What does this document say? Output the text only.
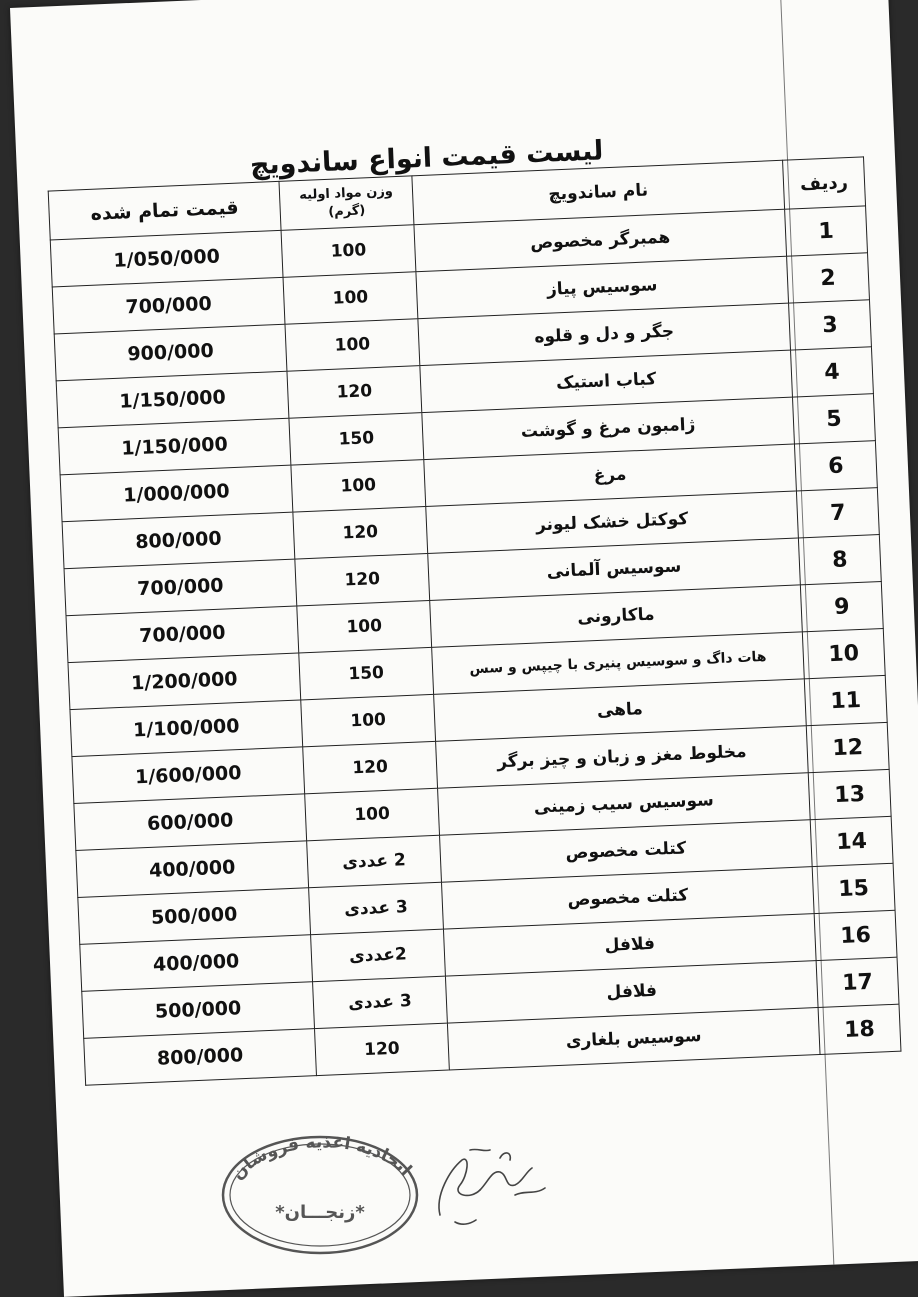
لیست قیمت انواع ساندویچ
ردیف	نام ساندویچ	وزن مواد اولیه (گرم)	قیمت تمام شده
1	همبرگر مخصوص	100	1/050/000
2	سوسیس پیاز	100	700/000
3	جگر و دل و قلوه	100	900/000
4	کباب استیک	120	1/150/000
5	ژامبون مرغ و گوشت	150	1/150/000
6	مرغ	100	1/000/000
7	کوکتل خشک لیونر	120	800/000
8	سوسیس آلمانی	120	700/000
9	ماکارونی	100	700/000
10	هات داگ و سوسیس پنیری با چیپس و سس	150	1/200/000
11	ماهی	100	1/100/000
12	مخلوط مغز و زبان و چیز برگر	120	1/600/000
13	سوسیس سیب زمینی	100	600/000
14	کتلت مخصوص	2 عددی	400/000
15	کتلت مخصوص	3 عددی	500/000
16	فلافل	2عددی	400/000
17	فلافل	3 عددی	500/000
18	سوسیس بلغاری	120	800/000
اتحادیه اغذیه فروشان
*زنجـــان*
